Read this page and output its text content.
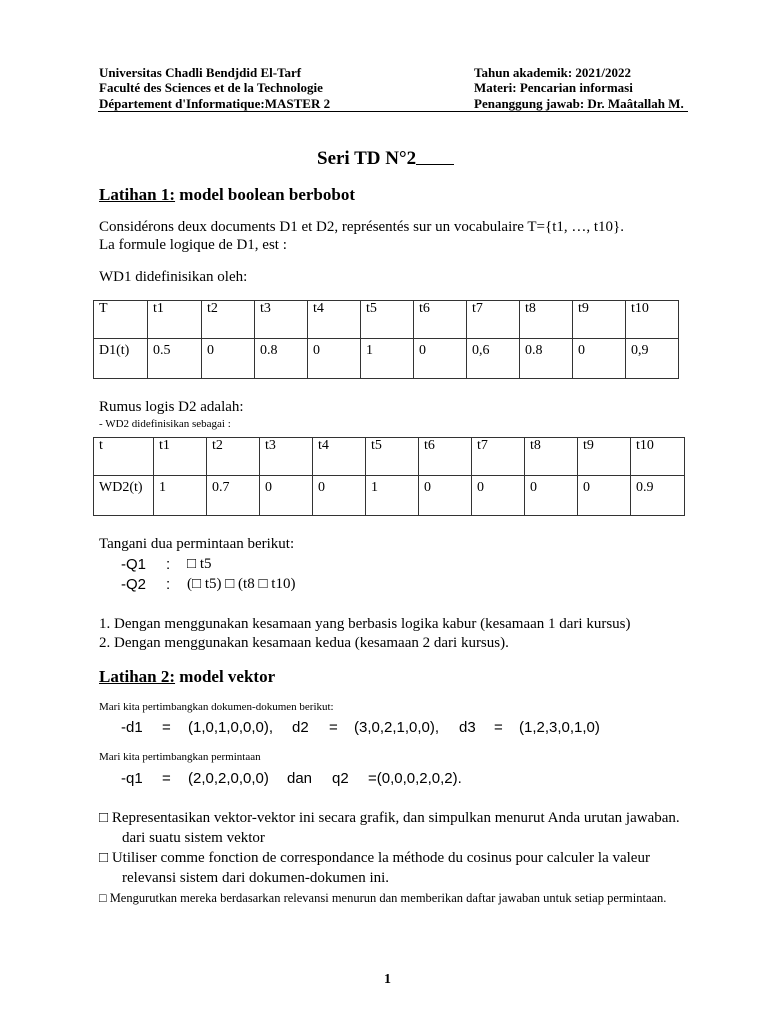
Universitas Chadli Bendjdid El-Tarf
Faculté des Sciences et de la Technologie
Département d'Informatique:MASTER 2
Tahun akademik: 2021/2022
Materi: Pencarian informasi
Penanggung jawab: Dr. Maâtallah M.
Seri TD N°2
Latihan 1: model boolean berbobot
Considérons deux documents D1 et D2, représentés sur un vocabulaire T={t1, …, t10}.
La formule logique de D1, est :
WD1 didefinisikan oleh:
T	t1	t2	t3	t4	t5	t6	t7	t8	t9	t10
D1(t)	0.5	0	0.8	0	1	0	0,6	0.8	0	0,9
Rumus logis D2 adalah:
- WD2 didefinisikan sebagai :
t	t1	t2	t3	t4	t5	t6	t7	t8	t9	t10
WD2(t)	1	0.7	0	0	1	0	0	0	0	0.9
Tangani dua permintaan berikut:
-Q1 : □ t5
-Q2 : (□ t5) □ (t8 □ t10)
1. Dengan menggunakan kesamaan yang berbasis logika kabur (kesamaan 1 dari kursus)
2. Dengan menggunakan kesamaan kedua (kesamaan 2 dari kursus).
Latihan 2: model vektor
Mari kita pertimbangkan dokumen-dokumen berikut:
-d1 = (1,0,1,0,0,0), d2 = (3,0,2,1,0,0), d3 = (1,2,3,0,1,0)
Mari kita pertimbangkan permintaan
-q1 = (2,0,2,0,0,0) dan q2 =(0,0,0,2,0,2).
□ Representasikan vektor-vektor ini secara grafik, dan simpulkan menurut Anda urutan jawaban.
dari suatu sistem vektor
□ Utiliser comme fonction de correspondance la méthode du cosinus pour calculer la valeur
relevansi sistem dari dokumen-dokumen ini.
□ Mengurutkan mereka berdasarkan relevansi menurun dan memberikan daftar jawaban untuk setiap permintaan.
1
